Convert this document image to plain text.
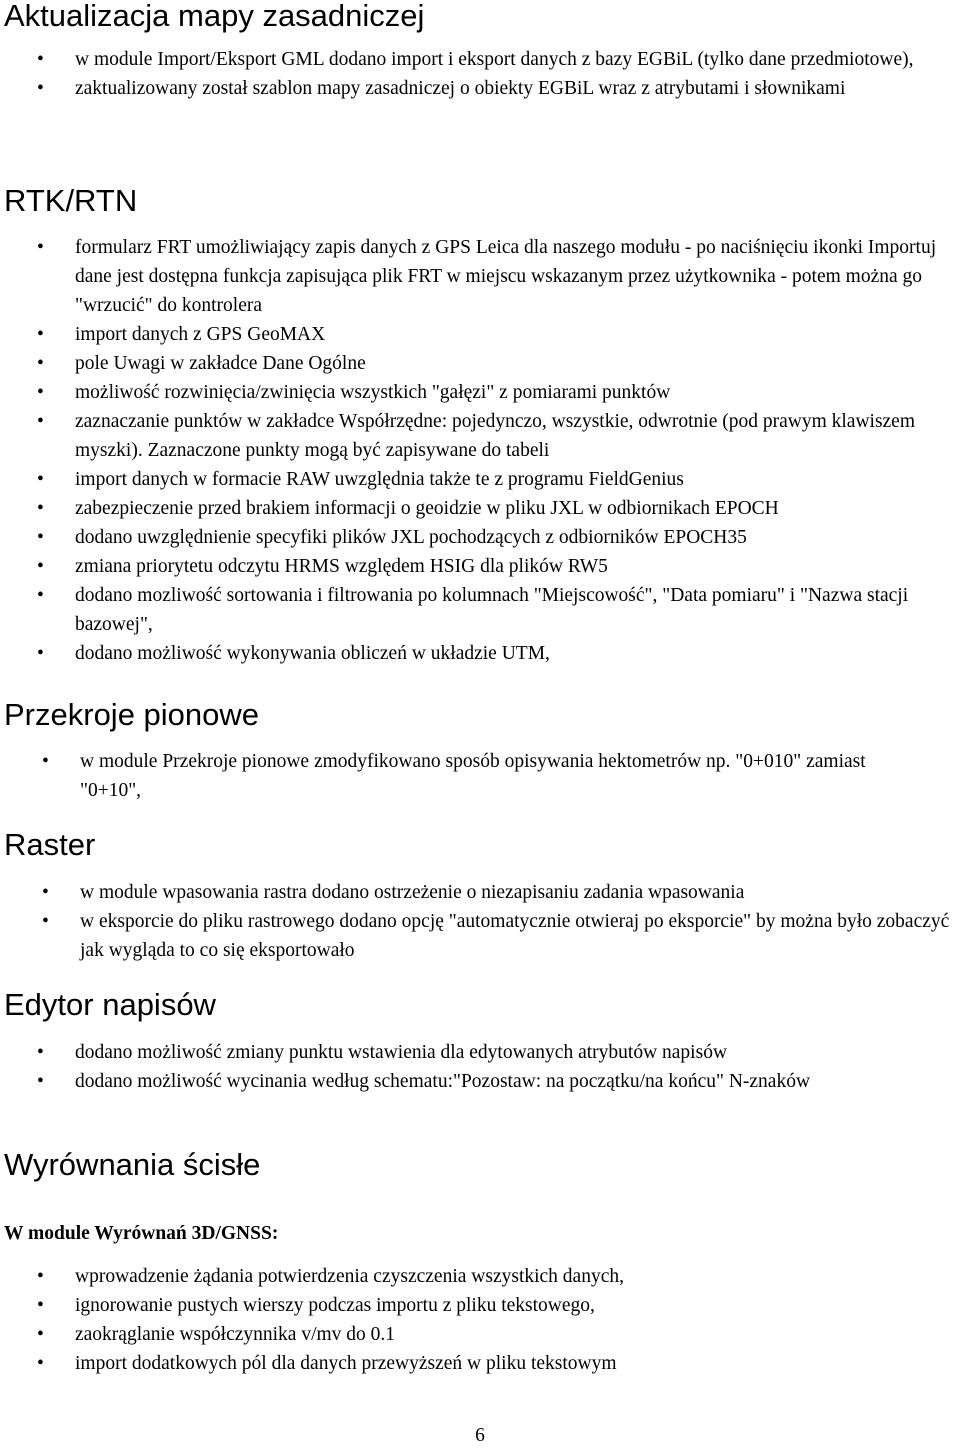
Aktualizacja mapy zasadniczej
• w module Import/Eksport GML dodano import i eksport danych z bazy EGBiL (tylko dane przedmiotowe),
• zaktualizowany został szablon mapy zasadniczej o obiekty EGBiL wraz z atrybutami i słownikami
RTK/RTN
• formularz FRT umożliwiający zapis danych z GPS Leica dla naszego modułu - po naciśnięciu ikonki Importuj dane jest dostępna funkcja zapisująca plik FRT w miejscu wskazanym przez użytkownika - potem można go "wrzucić" do kontrolera
• import danych z GPS GeoMAX
• pole Uwagi w zakładce Dane Ogólne
• możliwość rozwinięcia/zwinięcia wszystkich "gałęzi" z pomiarami punktów
• zaznaczanie punktów w zakładce Współrzędne: pojedynczo, wszystkie, odwrotnie (pod prawym klawiszem myszki). Zaznaczone punkty mogą być zapisywane do tabeli
• import danych w formacie RAW uwzględnia także te z programu FieldGenius
• zabezpieczenie przed brakiem informacji o geoidzie w pliku JXL w odbiornikach EPOCH
• dodano uwzględnienie specyfiki plików JXL pochodzących z odbiorników EPOCH35
• zmiana priorytetu odczytu HRMS względem HSIG dla plików RW5
• dodano mozliwość sortowania i filtrowania po kolumnach "Miejscowość", "Data pomiaru" i "Nazwa stacji bazowej",
• dodano możliwość wykonywania obliczeń w układzie UTM,
Przekroje pionowe
• w module Przekroje pionowe zmodyfikowano sposób opisywania hektometrów np. "0+010" zamiast "0+10",
Raster
• w module wpasowania rastra dodano ostrzeżenie o niezapisaniu zadania wpasowania
• w eksporcie do pliku rastrowego dodano opcję "automatycznie otwieraj po eksporcie" by można było zobaczyć jak wygląda to co się eksportowało
Edytor napisów
• dodano możliwość zmiany punktu wstawienia dla edytowanych atrybutów napisów
• dodano możliwość wycinania według schematu:"Pozostaw: na początku/na końcu" N-znaków
Wyrównania ścisłe
W module Wyrównań 3D/GNSS:
• wprowadzenie żądania potwierdzenia czyszczenia wszystkich danych,
• ignorowanie pustych wierszy podczas importu z pliku tekstowego,
• zaokrąglanie współczynnika v/mv do 0.1
• import dodatkowych pól dla danych przewyższeń w pliku tekstowym
6
